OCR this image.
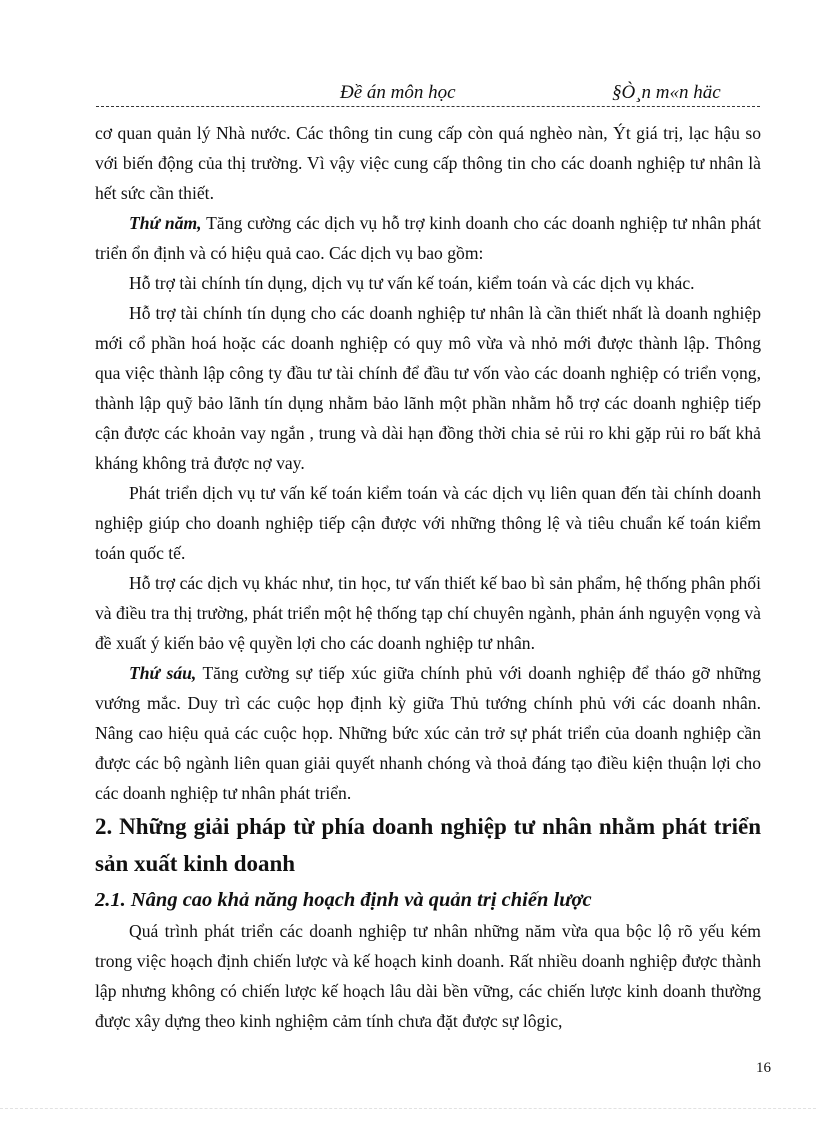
Đề án môn học	§Ò¸n m«n häc

cơ quan quản lý Nhà nước. Các thông tin cung cấp còn quá nghèo nàn, Ýt giá trị, lạc hậu so với biến động của thị trường. Vì vậy việc cung cấp thông tin cho các doanh nghiệp tư nhân là hết sức cần thiết.

Thứ năm, Tăng cường các dịch vụ hỗ trợ kinh doanh cho các doanh nghiệp tư nhân phát triển ổn định và có hiệu quả cao. Các dịch vụ bao gồm:

Hỗ trợ tài chính tín dụng, dịch vụ tư vấn kế toán, kiểm toán và các dịch vụ khác.

Hỗ trợ tài chính tín dụng cho các doanh nghiệp tư nhân là cần thiết nhất là doanh nghiệp mới cổ phần hoá hoặc các doanh nghiệp có quy mô vừa và nhỏ mới được thành lập. Thông qua việc thành lập công ty đầu tư tài chính để đầu tư vốn vào các doanh nghiệp có triển vọng, thành lập quỹ bảo lãnh tín dụng nhằm bảo lãnh một phần nhằm hỗ trợ các doanh nghiệp tiếp cận được các khoản vay ngắn , trung và dài hạn đồng thời chia sẻ rủi ro khi gặp rủi ro bất khả kháng không trả được nợ vay.

Phát triển dịch vụ tư vấn kế toán kiểm toán và các dịch vụ liên quan đến tài chính doanh nghiệp giúp cho doanh nghiệp tiếp cận được với những thông lệ và tiêu chuẩn kế toán kiểm toán quốc tế.

Hỗ trợ các dịch vụ khác như, tin học, tư vấn thiết kế bao bì sản phẩm, hệ thống phân phối và điều tra thị trường, phát triển một hệ thống tạp chí chuyên ngành, phản ánh nguyện vọng và đề xuất ý kiến bảo vệ quyền lợi cho các doanh nghiệp tư nhân.

Thứ sáu, Tăng cường sự tiếp xúc giữa chính phủ với doanh nghiệp để tháo gỡ những vướng mắc. Duy trì các cuộc họp định kỳ giữa Thủ tướng chính phủ với các doanh nhân. Nâng cao hiệu quả các cuộc họp. Những bức xúc cản trở sự phát triển của doanh nghiệp cần được các bộ ngành liên quan giải quyết nhanh chóng và thoả đáng tạo điều kiện thuận lợi cho các doanh nghiệp tư nhân phát triển.

2. Những giải pháp từ phía doanh nghiệp tư nhân nhằm phát triển sản xuất kinh doanh
2.1. Nâng cao khả năng hoạch định và quản trị chiến lược

Quá trình phát triển các doanh nghiệp tư nhân những năm vừa qua bộc lộ rõ yếu kém trong việc hoạch định chiến lược và kế hoạch kinh doanh. Rất nhiều doanh nghiệp được thành lập nhưng không có chiến lược kế hoạch lâu dài bền vững, các chiến lược kinh doanh thường được xây dựng theo kinh nghiệm cảm tính chưa đặt được sự lôgic,

16
